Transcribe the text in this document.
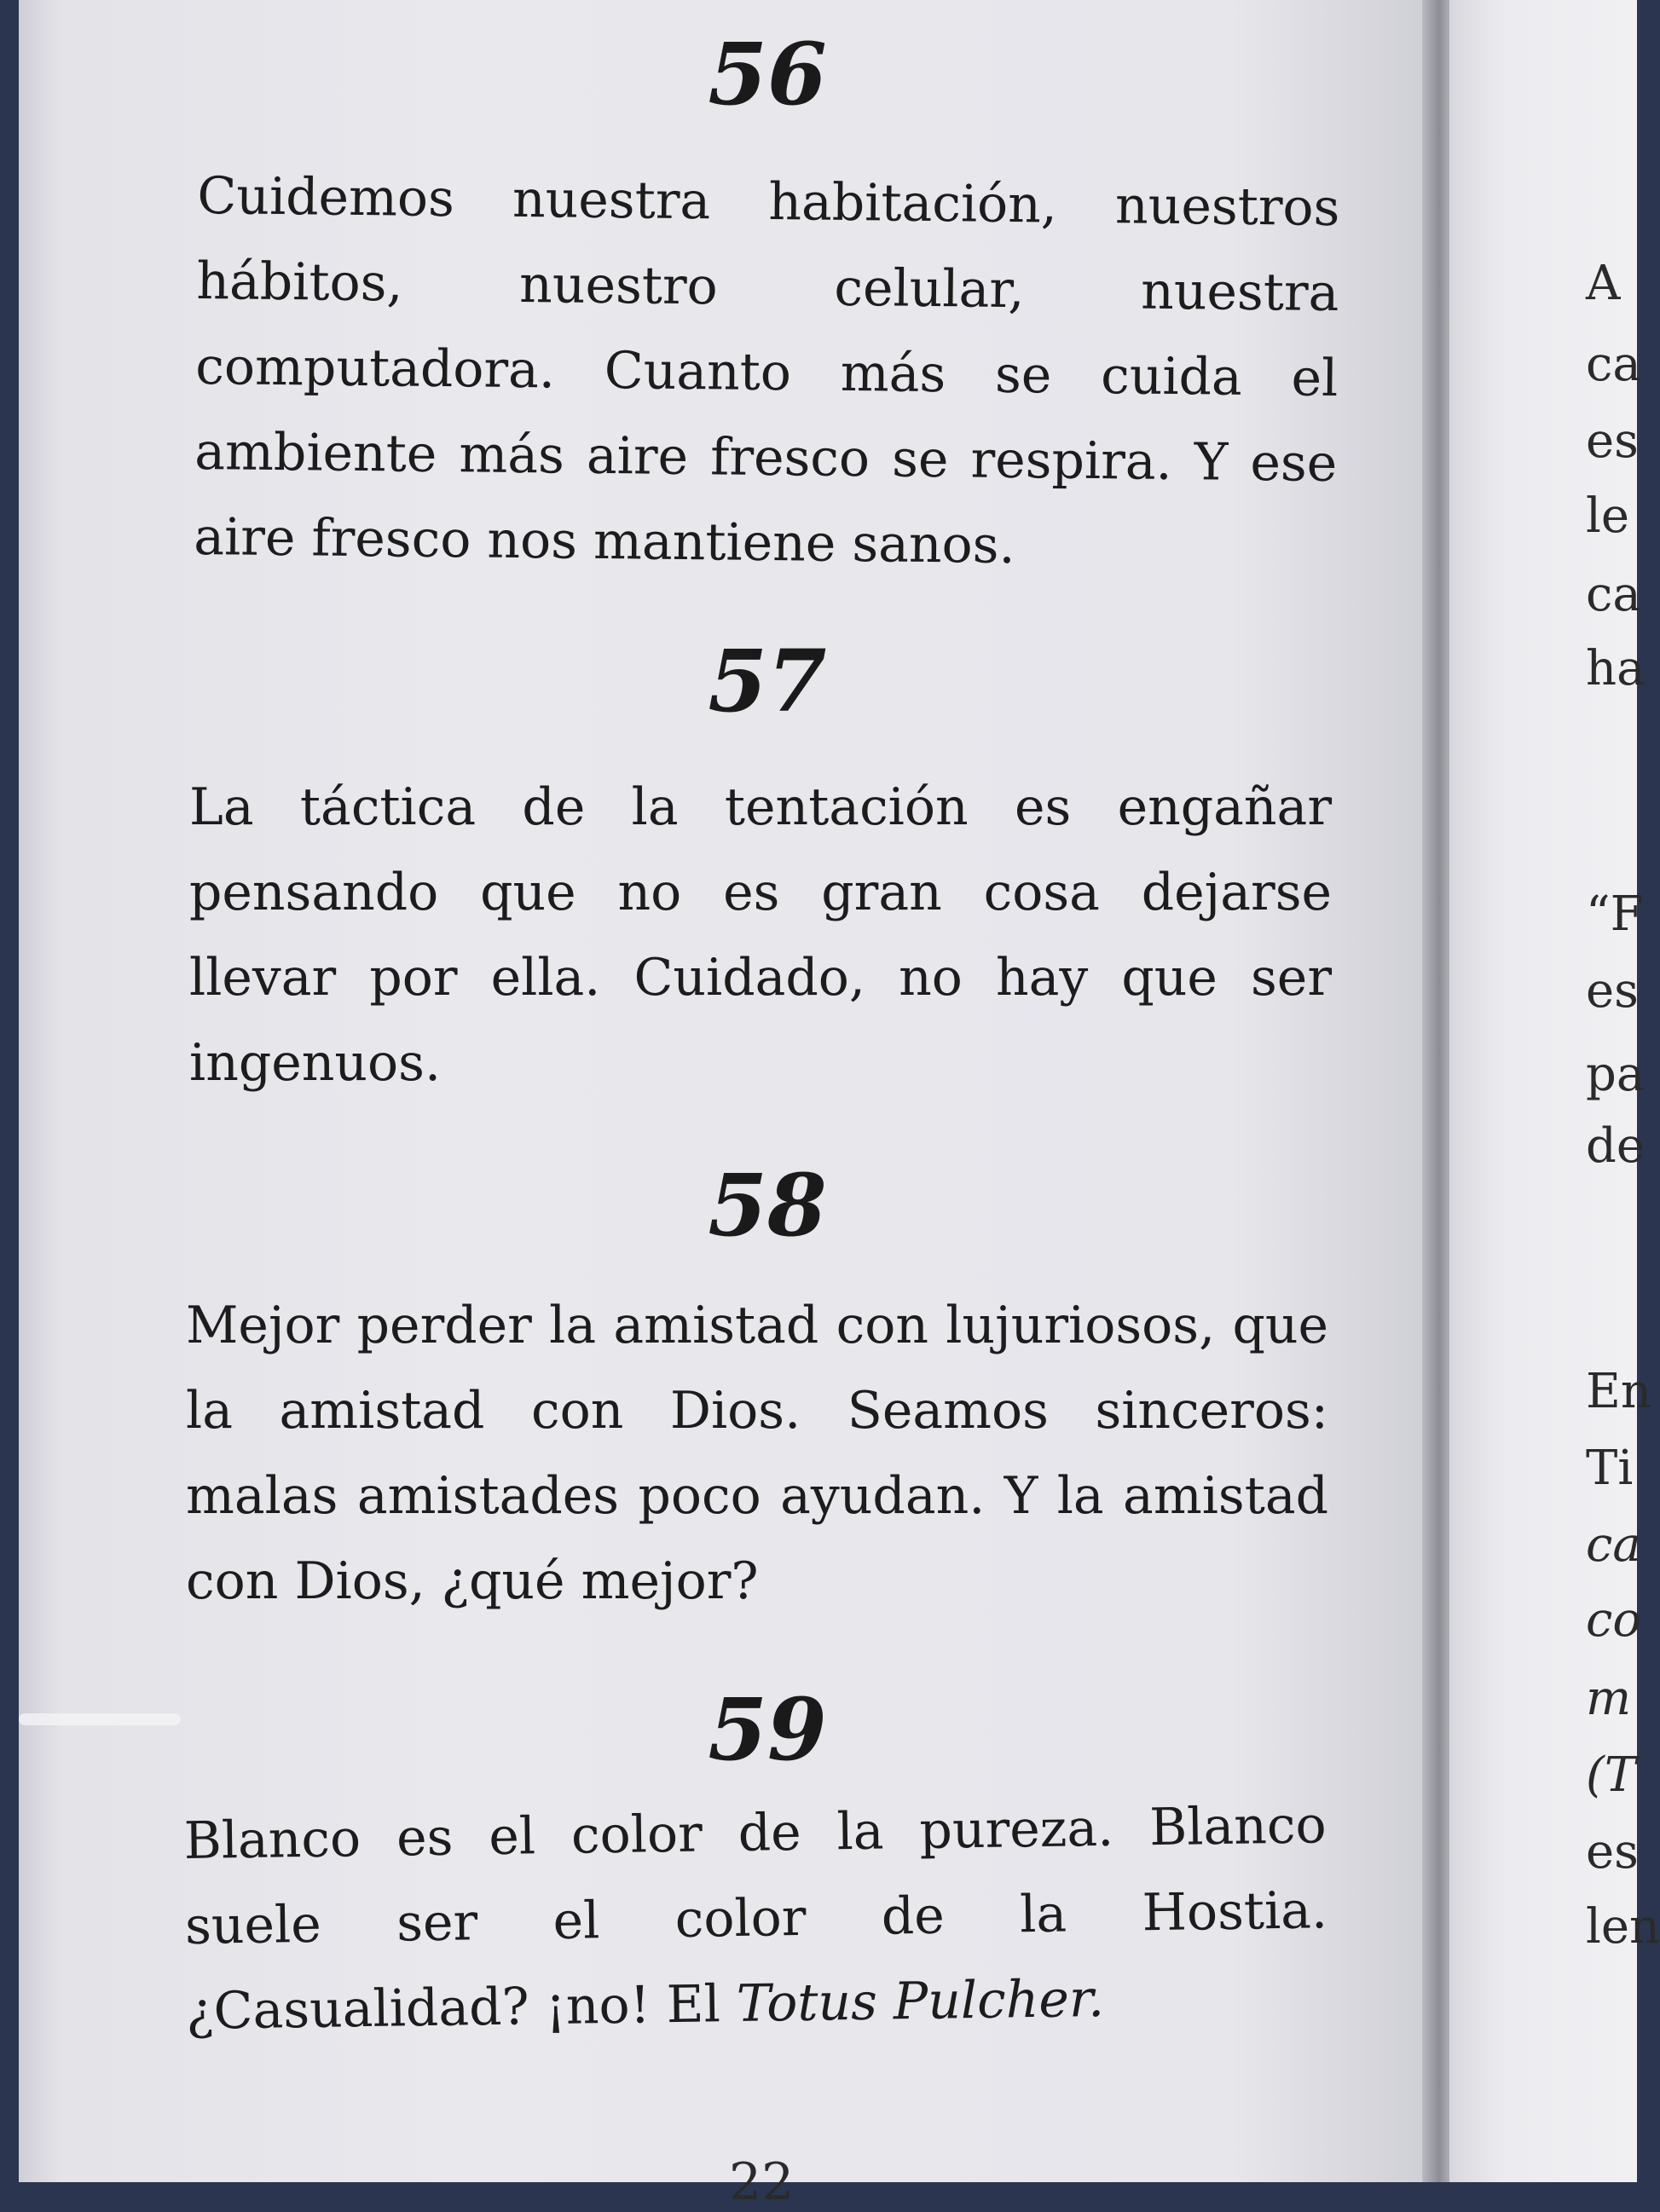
56
Cuidemos nuestra habitación, nuestros hábitos, nuestro celular, nuestra computadora. Cuanto más se cuida el ambiente más aire fresco se respira. Y ese aire fresco nos mantiene sanos.
57
La táctica de la tentación es engañar pensando que no es gran cosa dejarse llevar por ella. Cuidado, no hay que ser ingenuos.
58
Mejor perder la amistad con lujuriosos, que la amistad con Dios. Seamos sinceros: malas amistades poco ayudan. Y la amistad con Dios, ¿qué mejor?
59
Blanco es el color de la pureza. Blanco suele ser el color de la Hostia. ¿Casualidad? ¡no! El Totus Pulcher.
22
A
ca
es
le
ca
ha
“F
es
pa
de
En
Ti
ca
co
m
(T
es
len
